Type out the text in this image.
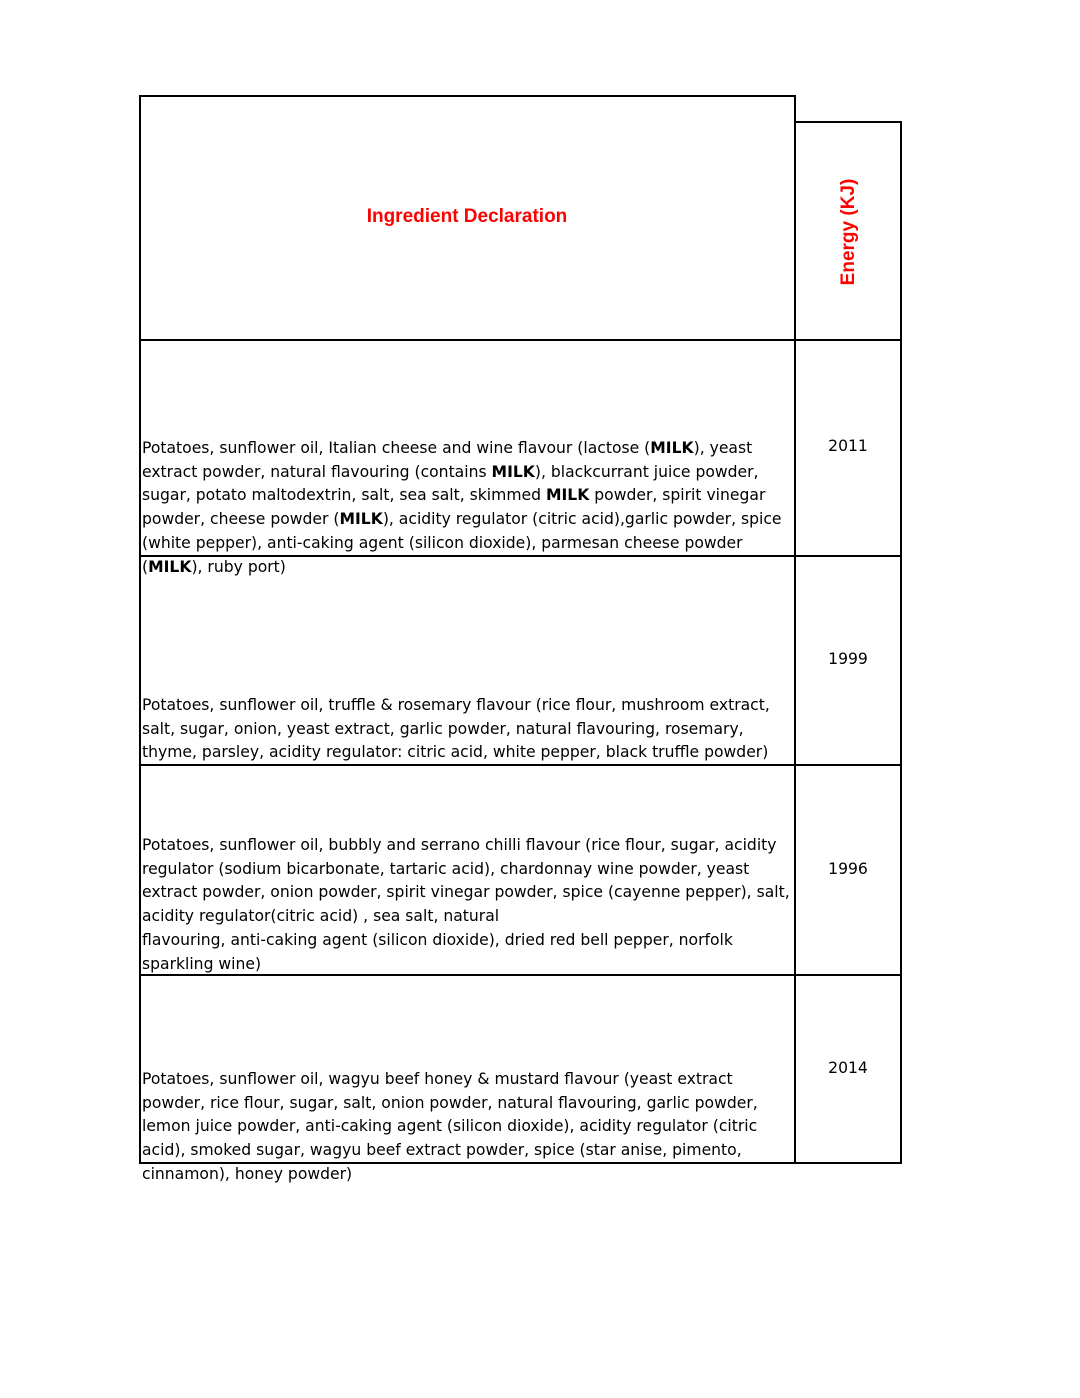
Ingredient Declaration	Energy (KJ)
Potatoes, sunflower oil, Italian cheese and wine flavour (lactose (MILK), yeast extract powder, natural flavouring (contains MILK), blackcurrant juice powder, sugar, potato maltodextrin, salt, sea salt, skimmed MILK powder, spirit vinegar powder, cheese powder (MILK), acidity regulator (citric acid),garlic powder, spice (white pepper), anti-caking agent (silicon dioxide), parmesan cheese powder (MILK), ruby port)
2011
Potatoes, sunflower oil, truffle & rosemary flavour (rice flour, mushroom extract, salt, sugar, onion, yeast extract, garlic powder, natural flavouring, rosemary, thyme, parsley, acidity regulator: citric acid, white pepper, black truffle powder)
1999
Potatoes, sunflower oil, bubbly and serrano chilli flavour (rice flour, sugar, acidity regulator (sodium bicarbonate, tartaric acid), chardonnay wine powder, yeast extract powder, onion powder, spirit vinegar powder, spice (cayenne pepper), salt, acidity regulator(citric acid) , sea salt, natural
flavouring, anti-caking agent (silicon dioxide), dried red bell pepper, norfolk sparkling wine)
1996
Potatoes, sunflower oil, wagyu beef honey & mustard flavour (yeast extract powder, rice flour, sugar, salt, onion powder, natural flavouring, garlic powder, lemon juice powder, anti-caking agent (silicon dioxide), acidity regulator (citric acid), smoked sugar, wagyu beef extract powder, spice (star anise, pimento, cinnamon), honey powder)
2014
